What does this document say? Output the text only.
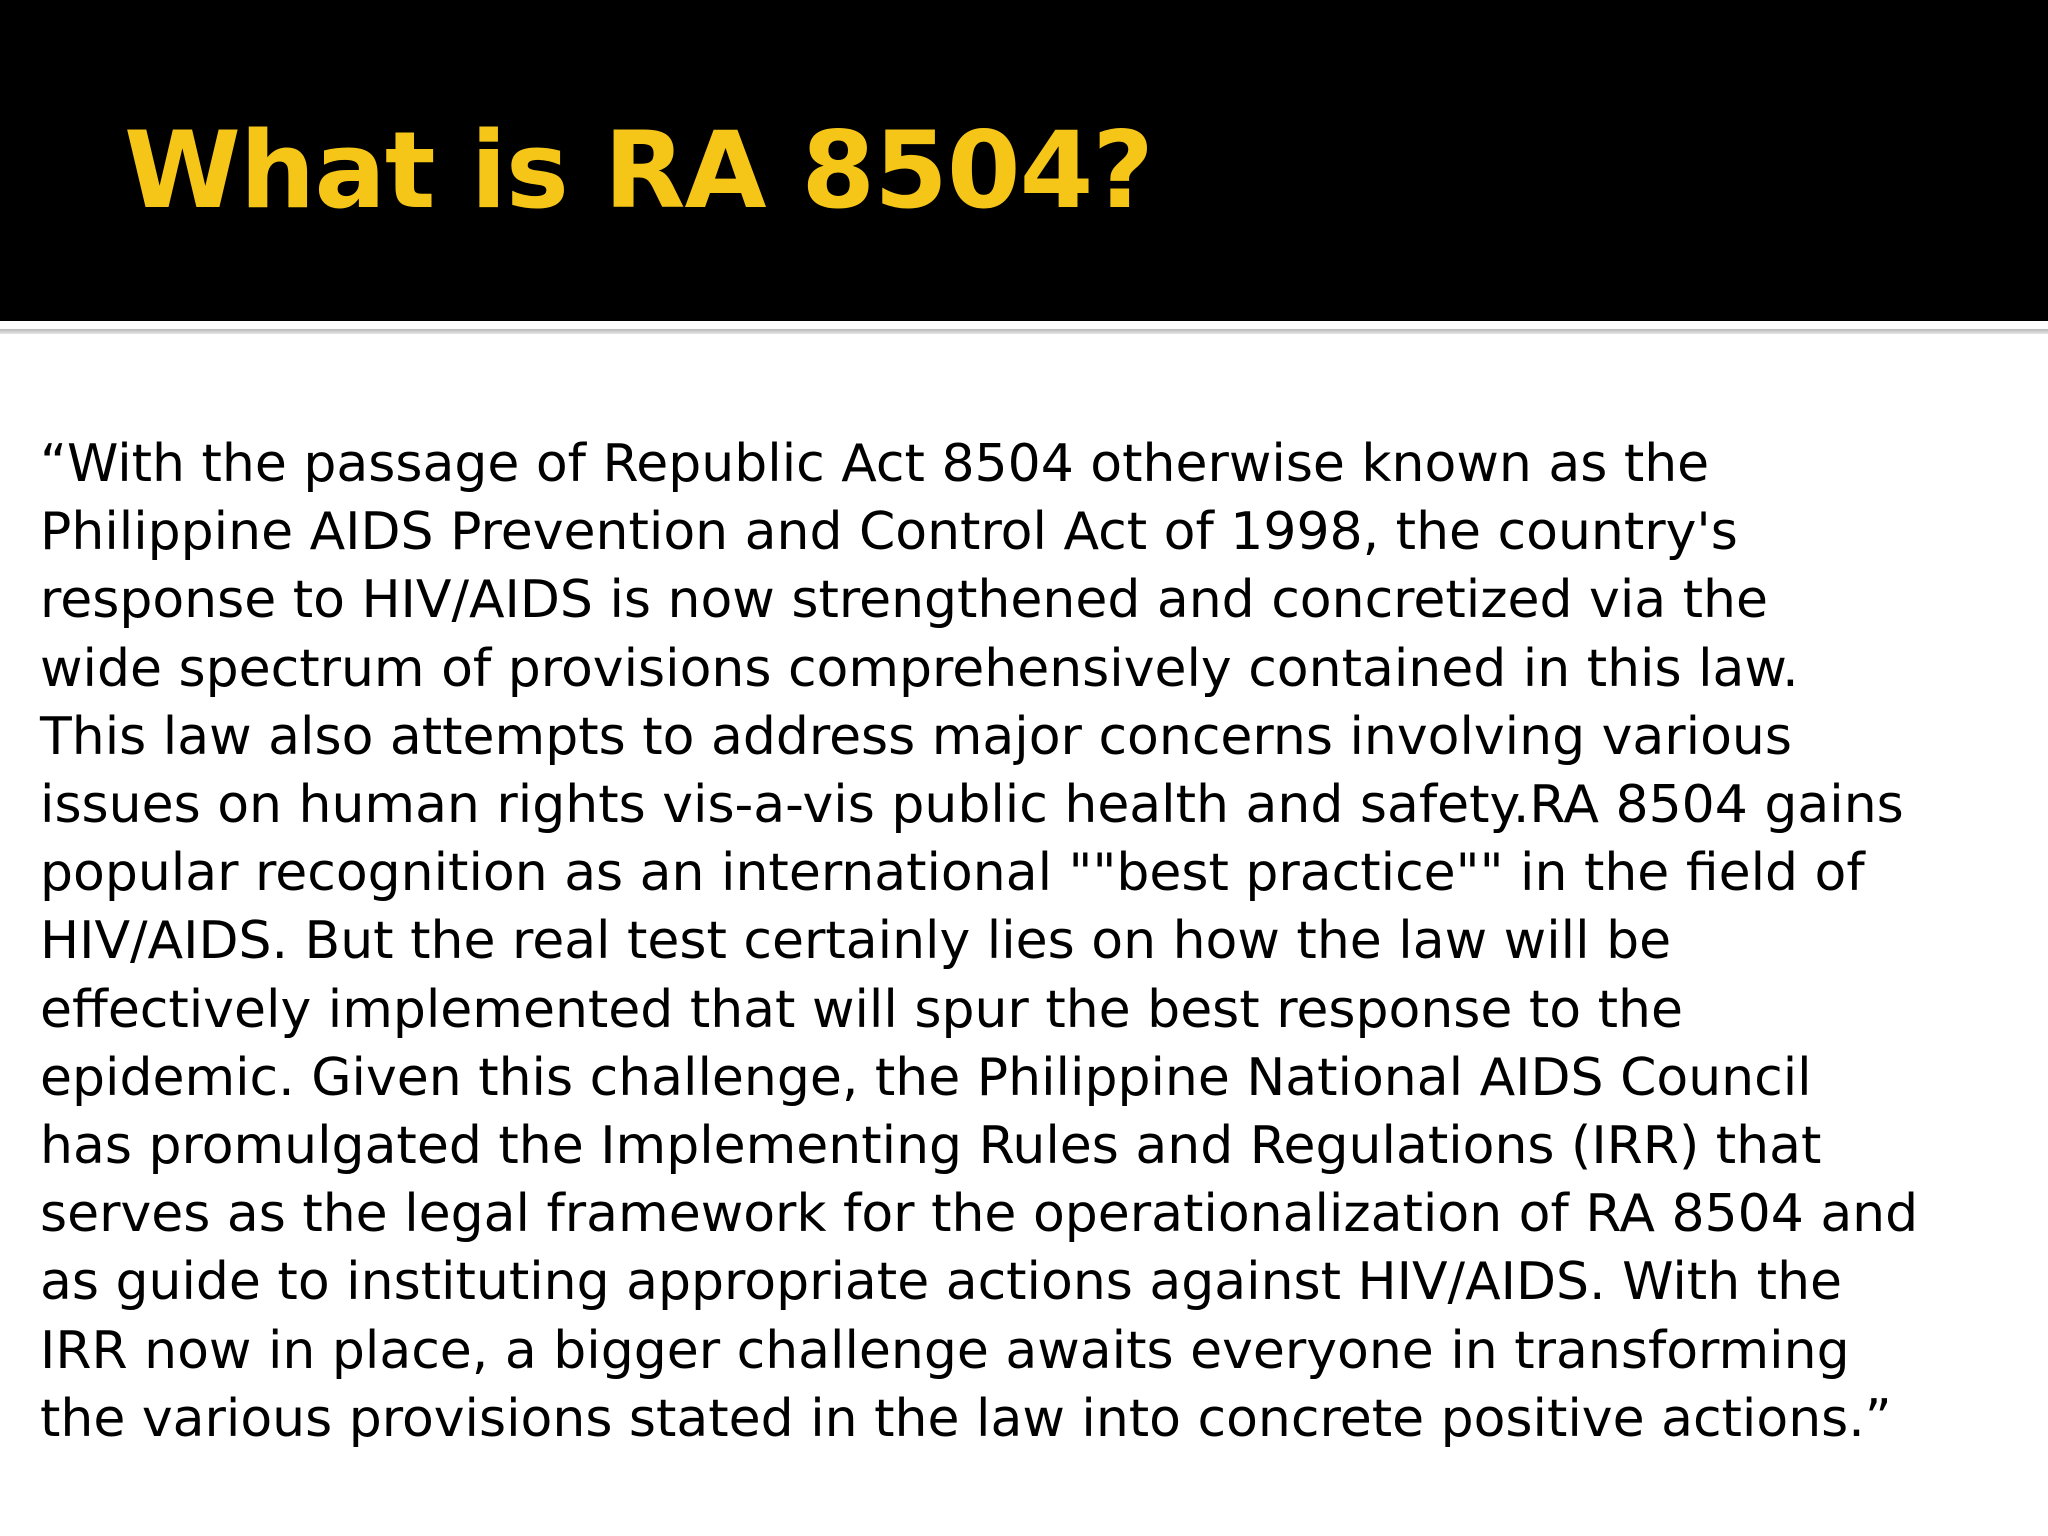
What is RA 8504?

“With the passage of Republic Act 8504 otherwise known as the
Philippine AIDS Prevention and Control Act of 1998, the country's
response to HIV/AIDS is now strengthened and concretized via the
wide spectrum of provisions comprehensively contained in this law.
This law also attempts to address major concerns involving various
issues on human rights vis-a-vis public health and safety.RA 8504 gains
popular recognition as an international ""best practice"" in the field of
HIV/AIDS. But the real test certainly lies on how the law will be
effectively implemented that will spur the best response to the
epidemic. Given this challenge, the Philippine National AIDS Council
has promulgated the Implementing Rules and Regulations (IRR) that
serves as the legal framework for the operationalization of RA 8504 and
as guide to instituting appropriate actions against HIV/AIDS. With the
IRR now in place, a bigger challenge awaits everyone in transforming
the various provisions stated in the law into concrete positive actions.”
